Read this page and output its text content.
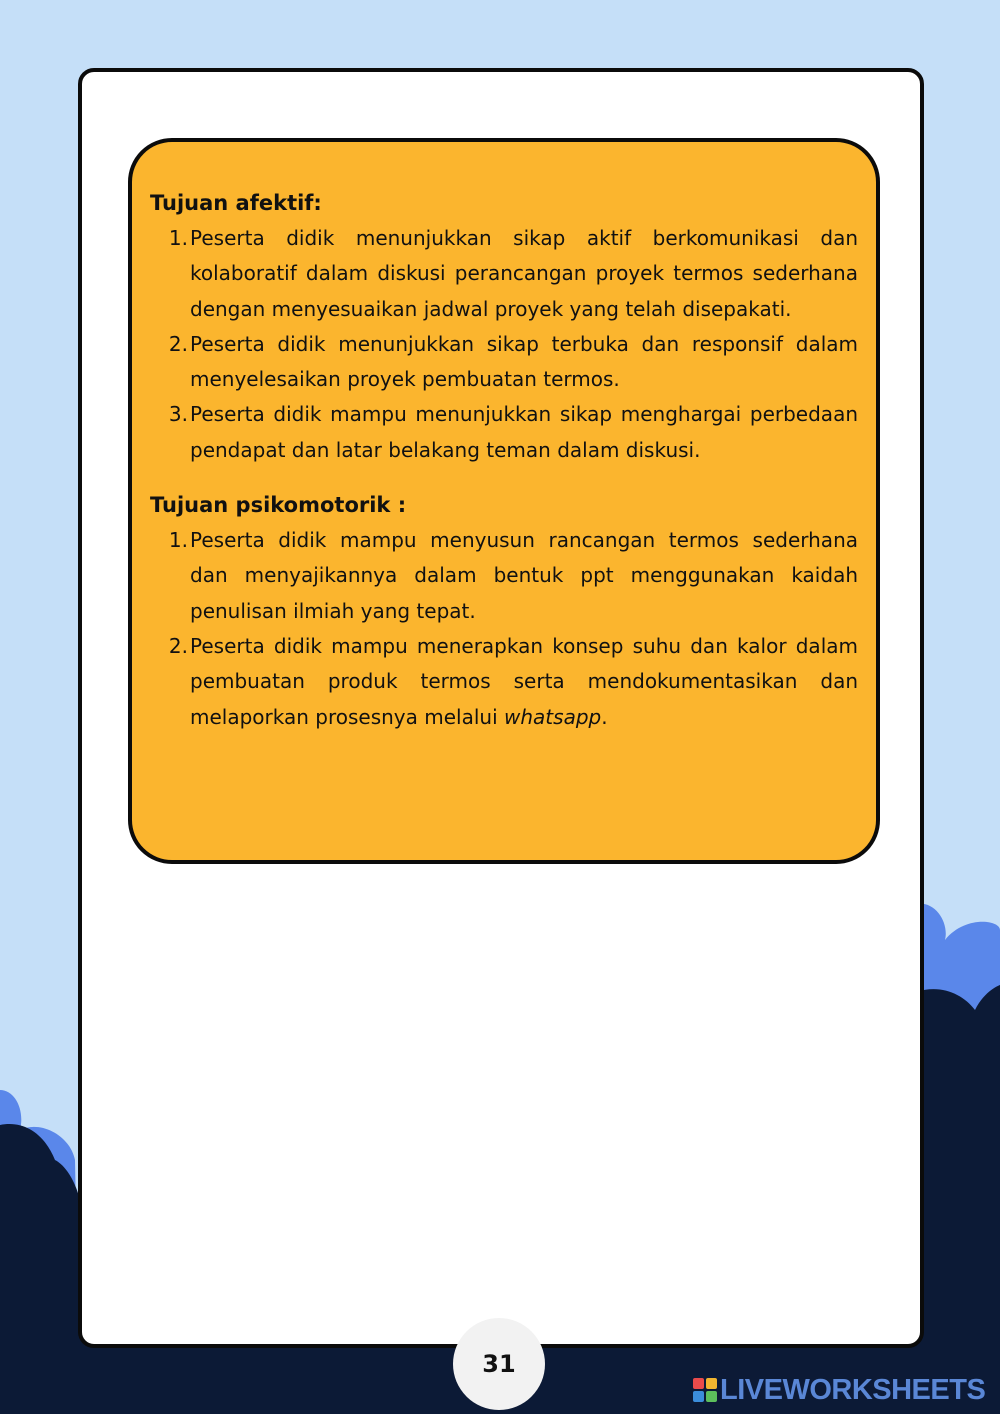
Tujuan afektif:

1. Peserta didik menunjukkan sikap aktif berkomunikasi dan kolaboratif dalam diskusi perancangan proyek termos sederhana dengan menyesuaikan jadwal proyek yang telah disepakati.
2. Peserta didik menunjukkan sikap terbuka dan responsif dalam menyelesaikan proyek pembuatan termos.
3. Peserta didik mampu menunjukkan sikap menghargai perbedaan pendapat dan latar belakang teman dalam diskusi.

Tujuan psikomotorik :

1. Peserta didik mampu menyusun rancangan termos sederhana dan menyajikannya dalam bentuk ppt menggunakan kaidah penulisan ilmiah yang tepat.
2. Peserta didik mampu menerapkan konsep suhu dan kalor dalam pembuatan produk termos serta mendokumentasikan dan melaporkan prosesnya melalui whatsapp.
31
LIVEWORKSHEETS
